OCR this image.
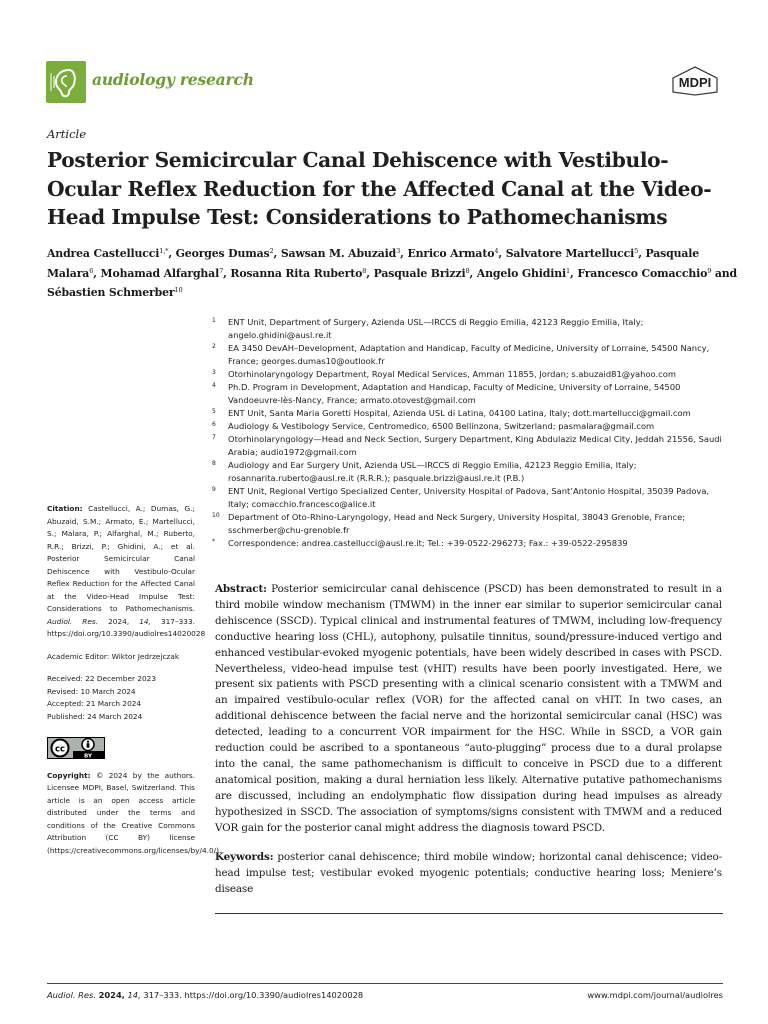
audiology research	MDPI
Article
Posterior Semicircular Canal Dehiscence with Vestibulo-Ocular Reflex Reduction for the Affected Canal at the Video-Head Impulse Test: Considerations to Pathomechanisms
Andrea Castellucci$^{1,*}$, Georges Dumas$^2$, Sawsan M. Abuzaid$^3$, Enrico Armato$^4$, Salvatore Martellucci$^5$, Pasquale Malara$^6$, Mohamad Alfarghal$^7$, Rosanna Rita Ruberto$^8$, Pasquale Brizzi$^8$, Angelo Ghidini$^1$, Francesco Comacchio$^9$ and Sébastien Schmerber$^{10}$
1 ENT Unit, Department of Surgery, Azienda USL—IRCCS di Reggio Emilia, 42123 Reggio Emilia, Italy; angelo.ghidini@ausl.re.it
2 EA 3450 DevAH–Development, Adaptation and Handicap, Faculty of Medicine, University of Lorraine, 54500 Nancy, France; georges.dumas10@outlook.fr
3 Otorhinolaryngology Department, Royal Medical Services, Amman 11855, Jordan; s.abuzaid81@yahoo.com
4 Ph.D. Program in Development, Adaptation and Handicap, Faculty of Medicine, University of Lorraine, 54500 Vandoeuvre-lès-Nancy, France; armato.otovest@gmail.com
5 ENT Unit, Santa Maria Goretti Hospital, Azienda USL di Latina, 04100 Latina, Italy; dott.martellucci@gmail.com
6 Audiology & Vestibology Service, Centromedico, 6500 Bellinzona, Switzerland; pasmalara@gmail.com
7 Otorhinolaryngology—Head and Neck Section, Surgery Department, King Abdulaziz Medical City, Jeddah 21556, Saudi Arabia; audio1972@gmail.com
8 Audiology and Ear Surgery Unit, Azienda USL—IRCCS di Reggio Emilia, 42123 Reggio Emilia, Italy; rosannarita.ruberto@ausl.re.it (R.R.R.); pasquale.brizzi@ausl.re.it (P.B.)
9 ENT Unit, Regional Vertigo Specialized Center, University Hospital of Padova, Sant’Antonio Hospital, 35039 Padova, Italy; comacchio.francesco@alice.it
10 Department of Oto-Rhino-Laryngology, Head and Neck Surgery, University Hospital, 38043 Grenoble, France; sschmerber@chu-grenoble.fr
* Correspondence: andrea.castellucci@ausl.re.it; Tel.: +39-0522-296273; Fax.: +39-0522-295839
Citation: Castellucci, A.; Dumas, G.; Abuzaid, S.M.; Armato, E.; Martellucci, S.; Malara, P.; Alfarghal, M.; Ruberto, R.R.; Brizzi, P.; Ghidini, A.; et al. Posterior Semicircular Canal Dehiscence with Vestibulo-Ocular Reflex Reduction for the Affected Canal at the Video-Head Impulse Test: Considerations to Pathomechanisms. Audiol. Res. 2024, 14, 317–333. https://doi.org/10.3390/audiolres14020028
Academic Editor: Wiktor Jedrzejczak
Received: 22 December 2023
Revised: 10 March 2024
Accepted: 21 March 2024
Published: 24 March 2024
cc
BY
Copyright: © 2024 by the authors. Licensee MDPI, Basel, Switzerland. This article is an open access article distributed under the terms and conditions of the Creative Commons Attribution (CC BY) license (https://creativecommons.org/licenses/by/4.0/).
Abstract: Posterior semicircular canal dehiscence (PSCD) has been demonstrated to result in a third mobile window mechanism (TMWM) in the inner ear similar to superior semicircular canal dehiscence (SSCD). Typical clinical and instrumental features of TMWM, including low-frequency conductive hearing loss (CHL), autophony, pulsatile tinnitus, sound/pressure-induced vertigo and enhanced vestibular-evoked myogenic potentials, have been widely described in cases with PSCD. Nevertheless, video-head impulse test (vHIT) results have been poorly investigated. Here, we present six patients with PSCD presenting with a clinical scenario consistent with a TMWM and an impaired vestibulo-ocular reflex (VOR) for the affected canal on vHIT. In two cases, an additional dehiscence between the facial nerve and the horizontal semicircular canal (HSC) was detected, leading to a concurrent VOR impairment for the HSC. While in SSCD, a VOR gain reduction could be ascribed to a spontaneous “auto-plugging” process due to a dural prolapse into the canal, the same pathomechanism is difficult to conceive in PSCD due to a different anatomical position, making a dural herniation less likely. Alternative putative pathomechanisms are discussed, including an endolymphatic flow dissipation during head impulses as already hypothesized in SSCD. The association of symptoms/signs consistent with TMWM and a reduced VOR gain for the posterior canal might address the diagnosis toward PSCD.
Keywords: posterior canal dehiscence; third mobile window; horizontal canal dehiscence; video-head impulse test; vestibular evoked myogenic potentials; conductive hearing loss; Meniere’s disease
Audiol. Res. 2024, 14, 317–333. https://doi.org/10.3390/audiolres14020028	www.mdpi.com/journal/audiolres
